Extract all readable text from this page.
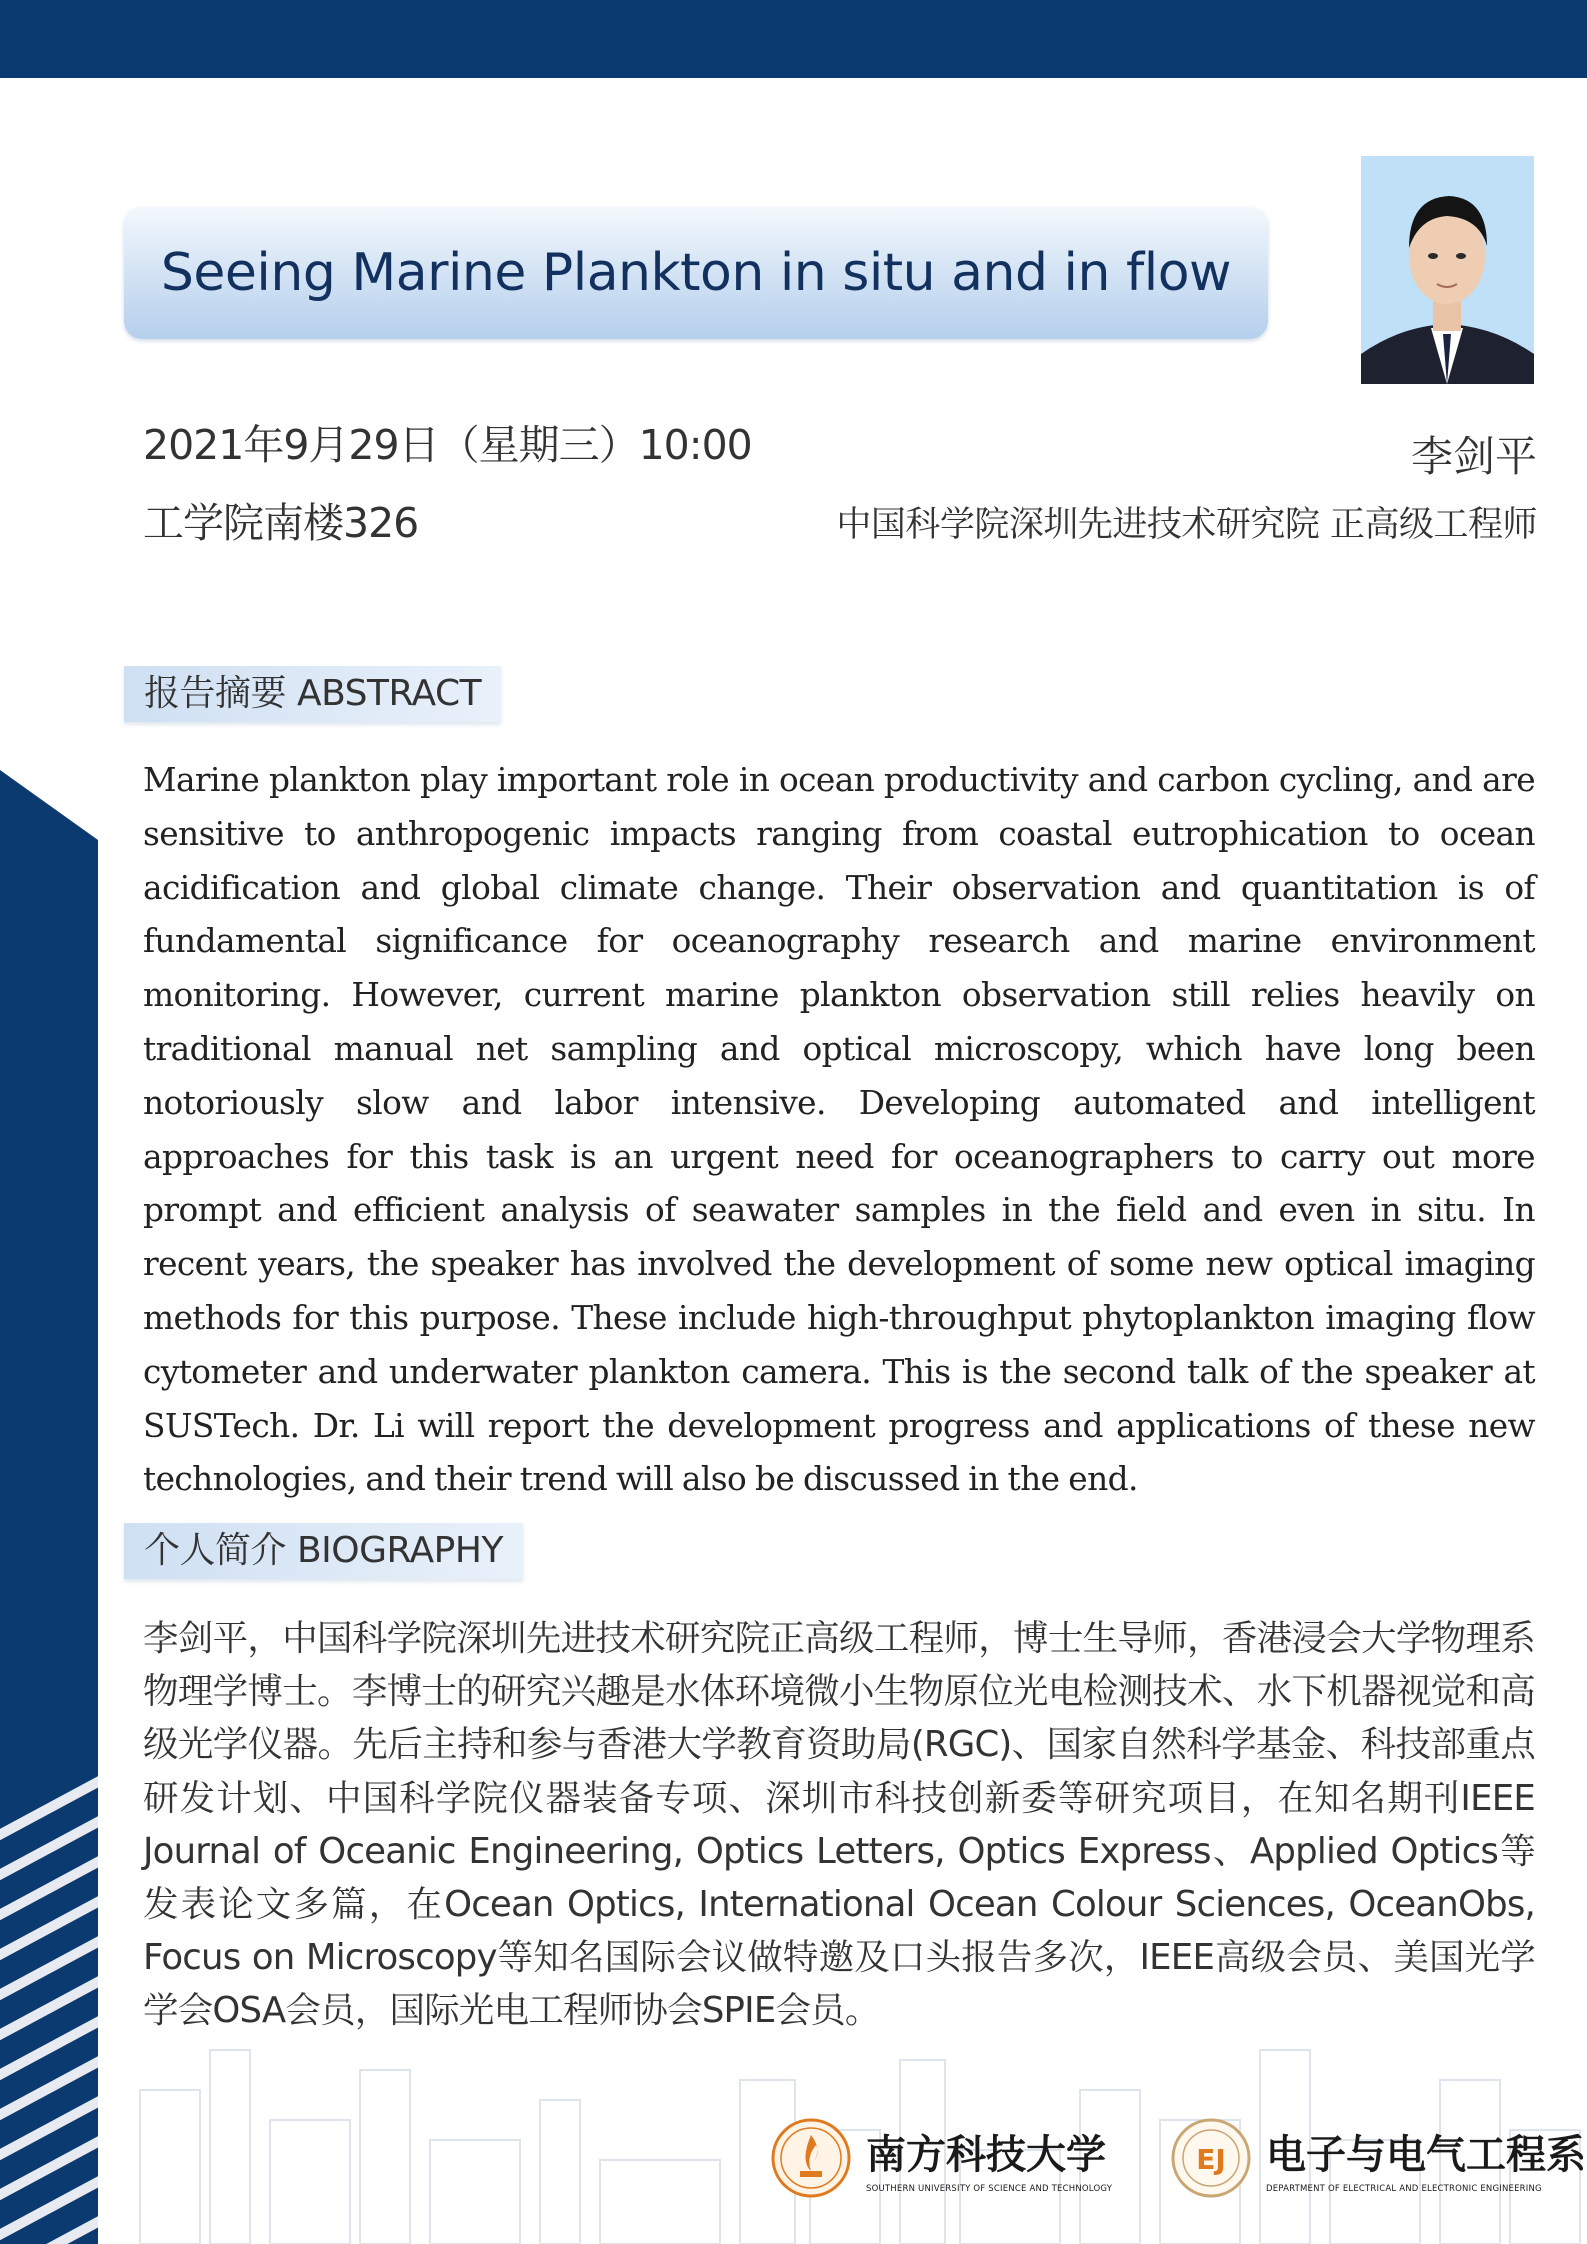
Seeing Marine Plankton in situ and in flow
2021年9月29日（星期三）10:00
工学院南楼326
李剑平
中国科学院深圳先进技术研究院 正高级工程师
报告摘要 ABSTRACT
Marine plankton play important role in ocean productivity and carbon cycling, and are sensitive to anthropogenic impacts ranging from coastal eutrophication to ocean acidification and global climate change. Their observation and quantitation is of fundamental significance for oceanography research and marine environment monitoring. However, current marine plankton observation still relies heavily on traditional manual net sampling and optical microscopy, which have long been notoriously slow and labor intensive. Developing automated and intelligent approaches for this task is an urgent need for oceanographers to carry out more prompt and efficient analysis of seawater samples in the field and even in situ. In recent years, the speaker has involved the development of some new optical imaging methods for this purpose. These include high-throughput phytoplankton imaging flow cytometer and underwater plankton camera. This is the second talk of the speaker at SUSTech. Dr. Li will report the development progress and applications of these new technologies, and their trend will also be discussed in the end.
个人简介 BIOGRAPHY
李剑平，中国科学院深圳先进技术研究院正高级工程师，博士生导师，香港浸会大学物理系物理学博士。李博士的研究兴趣是水体环境微小生物原位光电检测技术、水下机器视觉和高级光学仪器。先后主持和参与香港大学教育资助局(RGC)、国家自然科学基金、科技部重点研发计划、中国科学院仪器装备专项、深圳市科技创新委等研究项目，在知名期刊IEEE Journal of Oceanic Engineering, Optics Letters, Optics Express、Applied Optics等发表论文多篇，在Ocean Optics, International Ocean Colour Sciences, OceanObs, Focus on Microscopy等知名国际会议做特邀及口头报告多次，IEEE高级会员、美国光学学会OSA会员，国际光电工程师协会SPIE会员。
南方科技大学
SOUTHERN UNIVERSITY OF SCIENCE AND TECHNOLOGY
EJ 电子与电气工程系
DEPARTMENT OF ELECTRICAL AND ELECTRONIC ENGINEERING
